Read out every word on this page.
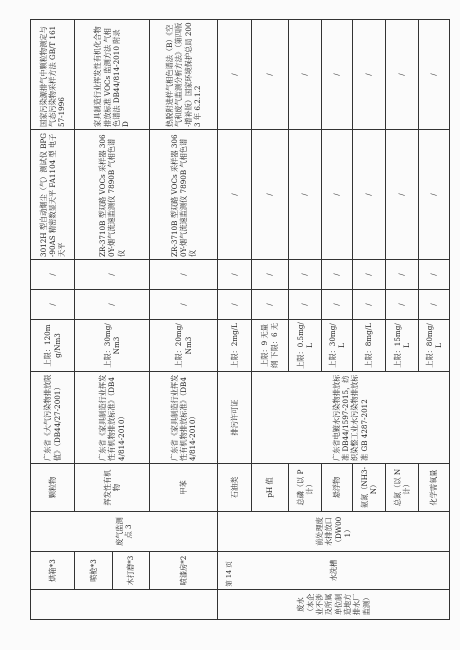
	烘箱*3	废气监测点 3	颗粒物	广东省《大气污染物排放限值》（DB44/27-2001）	上限：120mg/Nm3	/	/	3012H 型自动烟尘（气）测试仪 BPG-90AS 精密数显天平 FA1104 型 电子天平	国家污染源排气中颗粒物测定与气态污染物采样方法 GB/T 16157-1996
	喷枪*3		挥发性有机物	广东省《家具制造行业挥发性有机物排放标准》（DB44/814-2010）	上限：30mg/Nm3	/	/	ZR-3710B 型双路 VOCs 采样器 3060Y-烟气流速监测仪 7890B 气相色谱仪	家具制造行业挥发性有机化合物排放标准 VOCs 监测方法 气相色谱法 DB44/814-2010 附录 D
	木打磨*3								
	喷漆房*2		甲苯	广东省《家具制造行业挥发性有机物排放标准》（DB44/814-2010）	上限：20mg/Nm3	/	/	ZR-3710B 型双路 VOCs 采样器 3060Y-烟气流速监测仪 7890B 气相色谱仪	热脱附进样气相色谱法（B）《空气和废气监测分析方法》（第四版·增补版）国家环境保护总局 2003 年 6.2.1.2
废水（本企业不涉及所属单位制造地方排水厂监测）	水洗槽	前处理废水排放口（DW001）	石油类	排污许可证	上限：2mg/L	/	/	/	/
			pH 值	广东省电镀水污染物排放标准 DB44/1597-2015，纺织染整工业水污染物排放标准 GB 4287-2012	上限：9 无量纲 下限：6 无	/	/	/	/
			总磷（以 P 计）		上限：0.5mg/L	/	/	/	/
			悬浮物		上限：30mg/L	/	/	/	/
			氨氮（NH3-N）		上限：8mg/L	/	/	/	/
			总氮（以 N 计）		上限：15mg/L	/	/	/	/
			化学需氧量		上限：80mg/L	/	/	/	/
第 14 页
